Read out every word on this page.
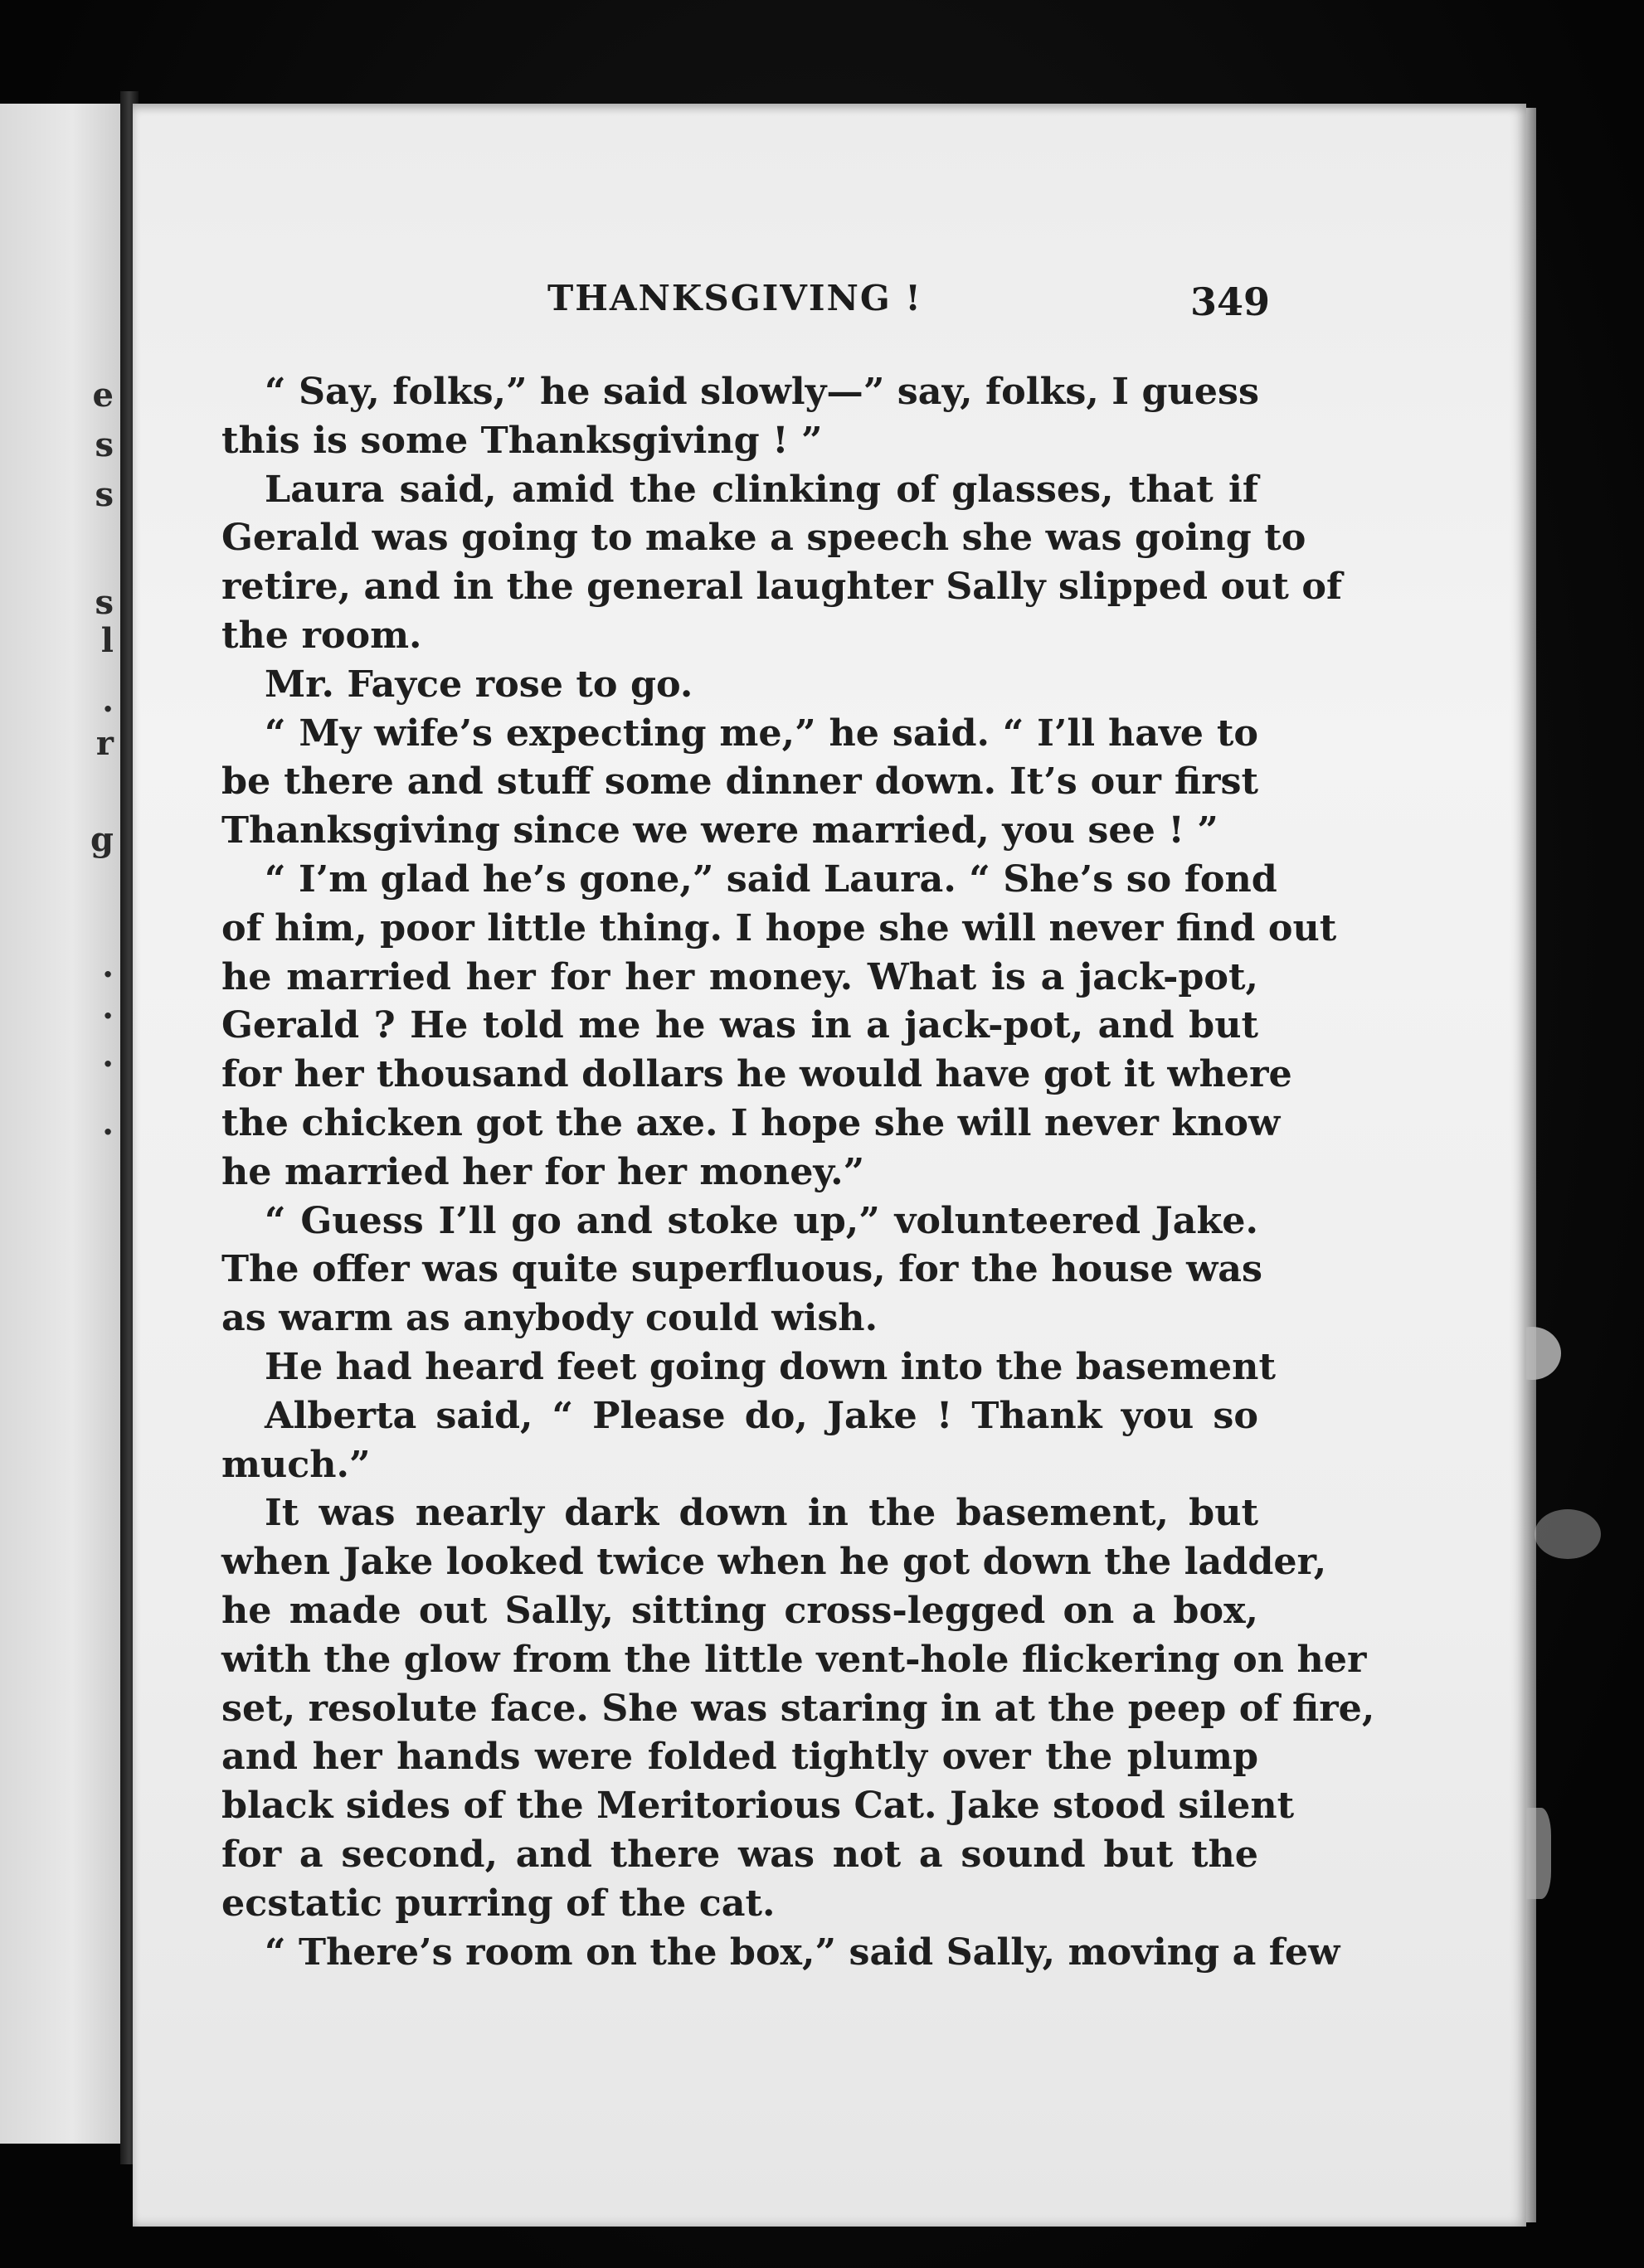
e
s
s
s
l
.
r
g
.
.
.
.
THANKSGIVING !	349
“ Say, folks,” he said slowly—” say, folks, I guess
this is some Thanksgiving ! ”
Laura said, amid the clinking of glasses, that if
Gerald was going to make a speech she was going to
retire, and in the general laughter Sally slipped out of
the room.
Mr. Fayce rose to go.
“ My wife’s expecting me,” he said. “ I’ll have to
be there and stuff some dinner down. It’s our first
Thanksgiving since we were married, you see ! ”
“ I’m glad he’s gone,” said Laura. “ She’s so fond
of him, poor little thing. I hope she will never find out
he married her for her money. What is a jack-pot,
Gerald ? He told me he was in a jack-pot, and but
for her thousand dollars he would have got it where
the chicken got the axe. I hope she will never know
he married her for her money.”
“ Guess I’ll go and stoke up,” volunteered Jake.
The offer was quite superfluous, for the house was
as warm as anybody could wish.
He had heard feet going down into the basement
Alberta said, “ Please do, Jake ! Thank you so
much.”
It was nearly dark down in the basement, but
when Jake looked twice when he got down the ladder,
he made out Sally, sitting cross-legged on a box,
with the glow from the little vent-hole flickering on her
set, resolute face. She was staring in at the peep of fire,
and her hands were folded tightly over the plump
black sides of the Meritorious Cat. Jake stood silent
for a second, and there was not a sound but the
ecstatic purring of the cat.
“ There’s room on the box,” said Sally, moving a few
